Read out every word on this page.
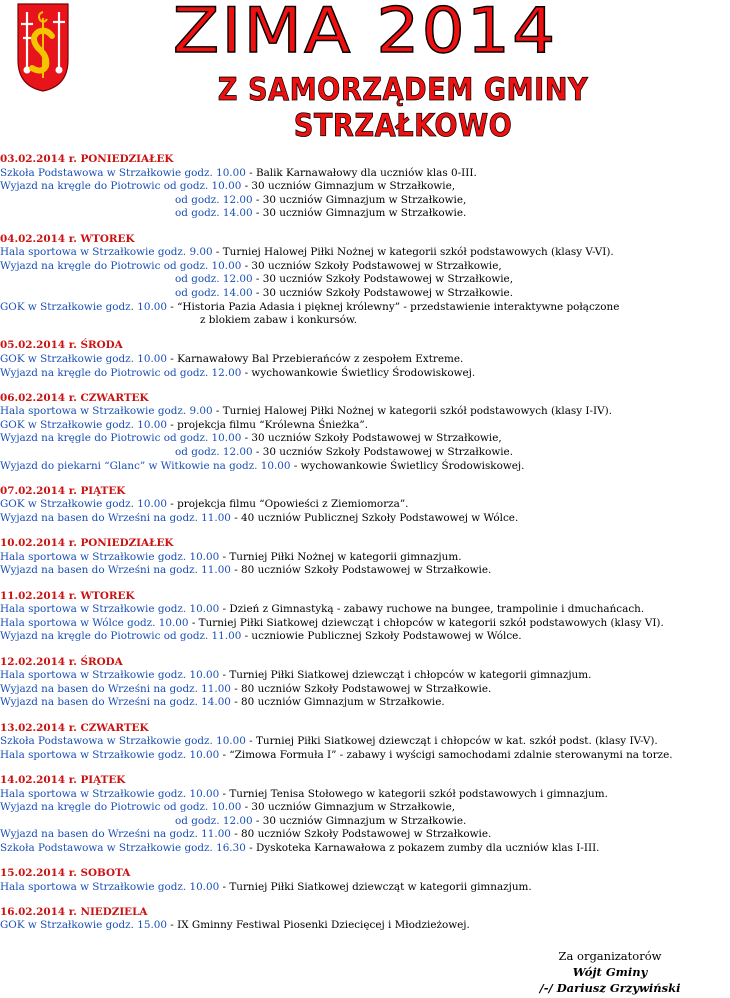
ZIMA 2014
Z SAMORZĄDEM GMINY STRZAŁKOWO
03.02.2014 r. PONIEDZIAŁEK
Szkoła Podstawowa w Strzałkowie godz. 10.00 - Balik Karnawałowy dla uczniów klas 0-III.
Wyjazd na kręgle do Piotrowic od godz. 10.00 - 30 uczniów Gimnazjum w Strzałkowie,
od godz. 12.00 - 30 uczniów Gimnazjum w Strzałkowie,
od godz. 14.00 - 30 uczniów Gimnazjum w Strzałkowie.
04.02.2014 r. WTOREK
Hala sportowa w Strzałkowie godz. 9.00 - Turniej Halowej Piłki Nożnej w kategorii szkół podstawowych (klasy V-VI).
Wyjazd na kręgle do Piotrowic od godz. 10.00 - 30 uczniów Szkoły Podstawowej w Strzałkowie,
od godz. 12.00 - 30 uczniów Szkoły Podstawowej w Strzałkowie,
od godz. 14.00 - 30 uczniów Szkoły Podstawowej w Strzałkowie.
GOK w Strzałkowie godz. 10.00 - “Historia Pazia Adasia i pięknej królewny” - przedstawienie interaktywne połączone
z blokiem zabaw i konkursów.
05.02.2014 r. ŚRODA
GOK w Strzałkowie godz. 10.00 - Karnawałowy Bal Przebierańców z zespołem Extreme.
Wyjazd na kręgle do Piotrowic od godz. 12.00 - wychowankowie Świetlicy Środowiskowej.
06.02.2014 r. CZWARTEK
Hala sportowa w Strzałkowie godz. 9.00 - Turniej Halowej Piłki Nożnej w kategorii szkół podstawowych (klasy I-IV).
GOK w Strzałkowie godz. 10.00 - projekcja filmu “Królewna Śnieżka”.
Wyjazd na kręgle do Piotrowic od godz. 10.00 - 30 uczniów Szkoły Podstawowej w Strzałkowie,
od godz. 12.00 - 30 uczniów Szkoły Podstawowej w Strzałkowie.
Wyjazd do piekarni “Glanc” w Witkowie na godz. 10.00 - wychowankowie Świetlicy Środowiskowej.
07.02.2014 r. PIĄTEK
GOK w Strzałkowie godz. 10.00 - projekcja filmu “Opowieści z Ziemiomorza”.
Wyjazd na basen do Wrześni na godz. 11.00 - 40 uczniów Publicznej Szkoły Podstawowej w Wólce.
10.02.2014 r. PONIEDZIAŁEK
Hala sportowa w Strzałkowie godz. 10.00 - Turniej Piłki Nożnej w kategorii gimnazjum.
Wyjazd na basen do Wrześni na godz. 11.00 - 80 uczniów Szkoły Podstawowej w Strzałkowie.
11.02.2014 r. WTOREK
Hala sportowa w Strzałkowie godz. 10.00 - Dzień z Gimnastyką - zabawy ruchowe na bungee, trampolinie i dmuchańcach.
Hala sportowa w Wólce godz. 10.00 - Turniej Piłki Siatkowej dziewcząt i chłopców w kategorii szkół podstawowych (klasy VI).
Wyjazd na kręgle do Piotrowic od godz. 11.00 - uczniowie Publicznej Szkoły Podstawowej w Wólce.
12.02.2014 r. ŚRODA
Hala sportowa w Strzałkowie godz. 10.00 - Turniej Piłki Siatkowej dziewcząt i chłopców w kategorii gimnazjum.
Wyjazd na basen do Wrześni na godz. 11.00 - 80 uczniów Szkoły Podstawowej w Strzałkowie.
Wyjazd na basen do Wrześni na godz. 14.00 - 80 uczniów Gimnazjum w Strzałkowie.
13.02.2014 r. CZWARTEK
Szkoła Podstawowa w Strzałkowie godz. 10.00 - Turniej Piłki Siatkowej dziewcząt i chłopców w kat. szkół podst. (klasy IV-V).
Hala sportowa w Strzałkowie godz. 10.00 - “Zimowa Formuła I” - zabawy i wyścigi samochodami zdalnie sterowanymi na torze.
14.02.2014 r. PIĄTEK
Hala sportowa w Strzałkowie godz. 10.00 - Turniej Tenisa Stołowego w kategorii szkół podstawowych i gimnazjum.
Wyjazd na kręgle do Piotrowic od godz. 10.00 - 30 uczniów Gimnazjum w Strzałkowie,
od godz. 12.00 - 30 uczniów Gimnazjum w Strzałkowie.
Wyjazd na basen do Wrześni na godz. 11.00 - 80 uczniów Szkoły Podstawowej w Strzałkowie.
Szkoła Podstawowa w Strzałkowie godz. 16.30 - Dyskoteka Karnawałowa z pokazem zumby dla uczniów klas I-III.
15.02.2014 r. SOBOTA
Hala sportowa w Strzałkowie godz. 10.00 - Turniej Piłki Siatkowej dziewcząt w kategorii gimnazjum.
16.02.2014 r. NIEDZIELA
GOK w Strzałkowie godz. 15.00 - IX Gminny Festiwal Piosenki Dziecięcej i Młodzieżowej.
Za organizatorów
Wójt Gminy
/-/ Dariusz Grzywiński
